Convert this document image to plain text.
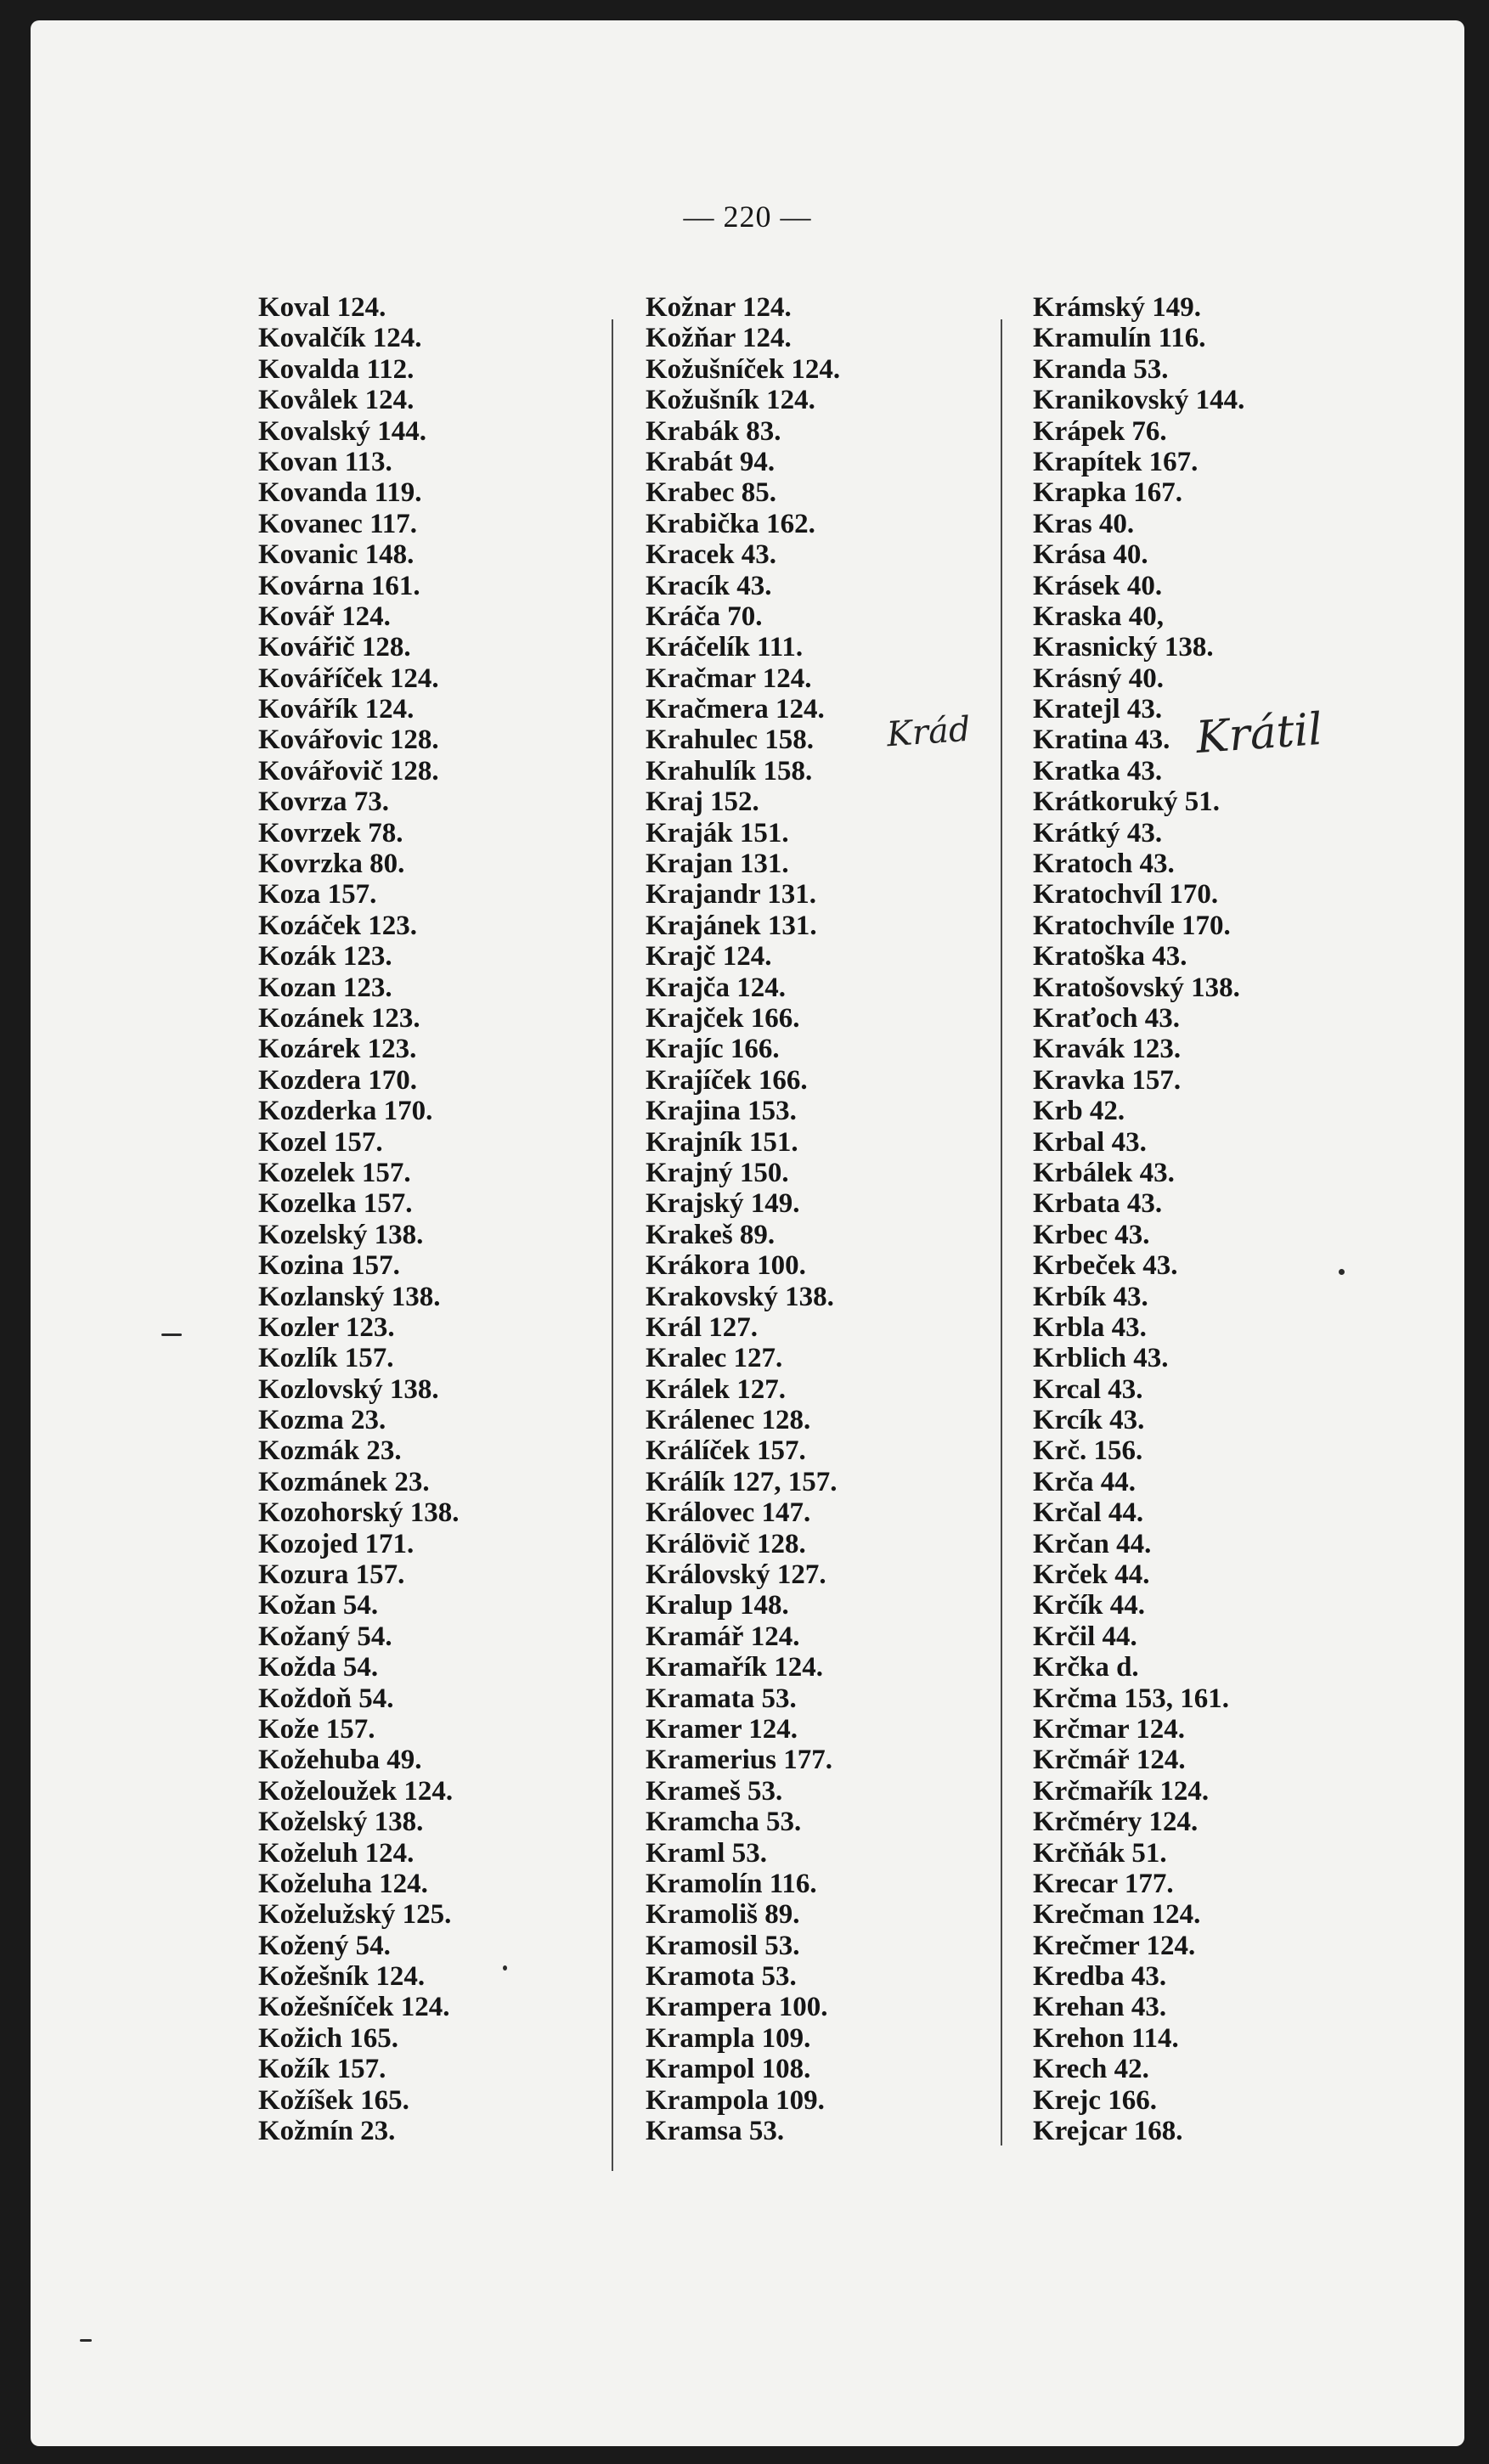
— 220 —
Koval 124.
Kovalčík 124.
Kovalda 112.
Kovålek 124.
Kovalský 144.
Kovan 113.
Kovanda 119.
Kovanec 117.
Kovanic 148.
Kovárna 161.
Kovář 124.
Kovářič 128.
Kováříček 124.
Kovářík 124.
Kovářovic 128.
Kovářovič 128.
Kovrza 73.
Kovrzek 78.
Kovrzka 80.
Koza 157.
Kozáček 123.
Kozák 123.
Kozan 123.
Kozánek 123.
Kozárek 123.
Kozdera 170.
Kozderka 170.
Kozel 157.
Kozelek 157.
Kozelka 157.
Kozelský 138.
Kozina 157.
Kozlanský 138.
Kozler 123.
Kozlík 157.
Kozlovský 138.
Kozma 23.
Kozmák 23.
Kozmánek 23.
Kozohorský 138.
Kozojed 171.
Kozura 157.
Kožan 54.
Kožaný 54.
Kožda 54.
Koždoň 54.
Kože 157.
Kožehuba 49.
Koželoužek 124.
Koželský 138.
Koželuh 124.
Koželuha 124.
Koželužský 125.
Kožený 54.
Kožešník 124.
Kožešníček 124.
Kožich 165.
Kožík 157.
Kožíšek 165.
Kožmín 23.
Kožnar 124.
Kožňar 124.
Kožušníček 124.
Kožušník 124.
Krabák 83.
Krabát 94.
Krabec 85.
Krabička 162.
Kracek 43.
Kracík 43.
Kráča 70.
Kráčelík 111.
Kračmar 124.
Kračmera 124.
Krahulec 158.
Krahulík 158.
Kraj 152.
Kraják 151.
Krajan 131.
Krajandr 131.
Krajánek 131.
Krajč 124.
Krajča 124.
Krajček 166.
Krajíc 166.
Krajíček 166.
Krajina 153.
Krajník 151.
Krajný 150.
Krajský 149.
Krakeš 89.
Krákora 100.
Krakovský 138.
Král 127.
Kralec 127.
Králek 127.
Králenec 128.
Králíček 157.
Králík 127, 157.
Královec 147.
Králövič 128.
Královský 127.
Kralup 148.
Kramář 124.
Kramařík 124.
Kramata 53.
Kramer 124.
Kramerius 177.
Krameš 53.
Kramcha 53.
Kraml 53.
Kramolín 116.
Kramoliš 89.
Kramosil 53.
Kramota 53.
Krampera 100.
Krampla 109.
Krampol 108.
Krampola 109.
Kramsa 53.
Krámský 149.
Kramulín 116.
Kranda 53.
Kranikovský 144.
Krápek 76.
Krapítek 167.
Krapka 167.
Kras 40.
Krása 40.
Krásek 40.
Kraska 40,
Krasnický 138.
Krásný 40.
Kratejl 43.
Kratina 43.
Kratka 43.
Krátkoruký 51.
Krátký 43.
Kratoch 43.
Kratochvíl 170.
Kratochvíle 170.
Kratoška 43.
Kratošovský 138.
Kraťoch 43.
Kravák 123.
Kravka 157.
Krb 42.
Krbal 43.
Krbálek 43.
Krbata 43.
Krbec 43.
Krbeček 43.
Krbík 43.
Krbla 43.
Krblich 43.
Krcal 43.
Krcík 43.
Krč. 156.
Krča 44.
Krčal 44.
Krčan 44.
Krček 44.
Krčík 44.
Krčil 44.
Krčka d.
Krčma 153, 161.
Krčmar 124.
Krčmář 124.
Krčmařík 124.
Krčméry 124.
Krčňák 51.
Krecar 177.
Krečman 124.
Krečmer 124.
Kredba 43.
Krehan 43.
Krehon 114.
Krech 42.
Krejc 166.
Krejcar 168.
Krád	Krátil
